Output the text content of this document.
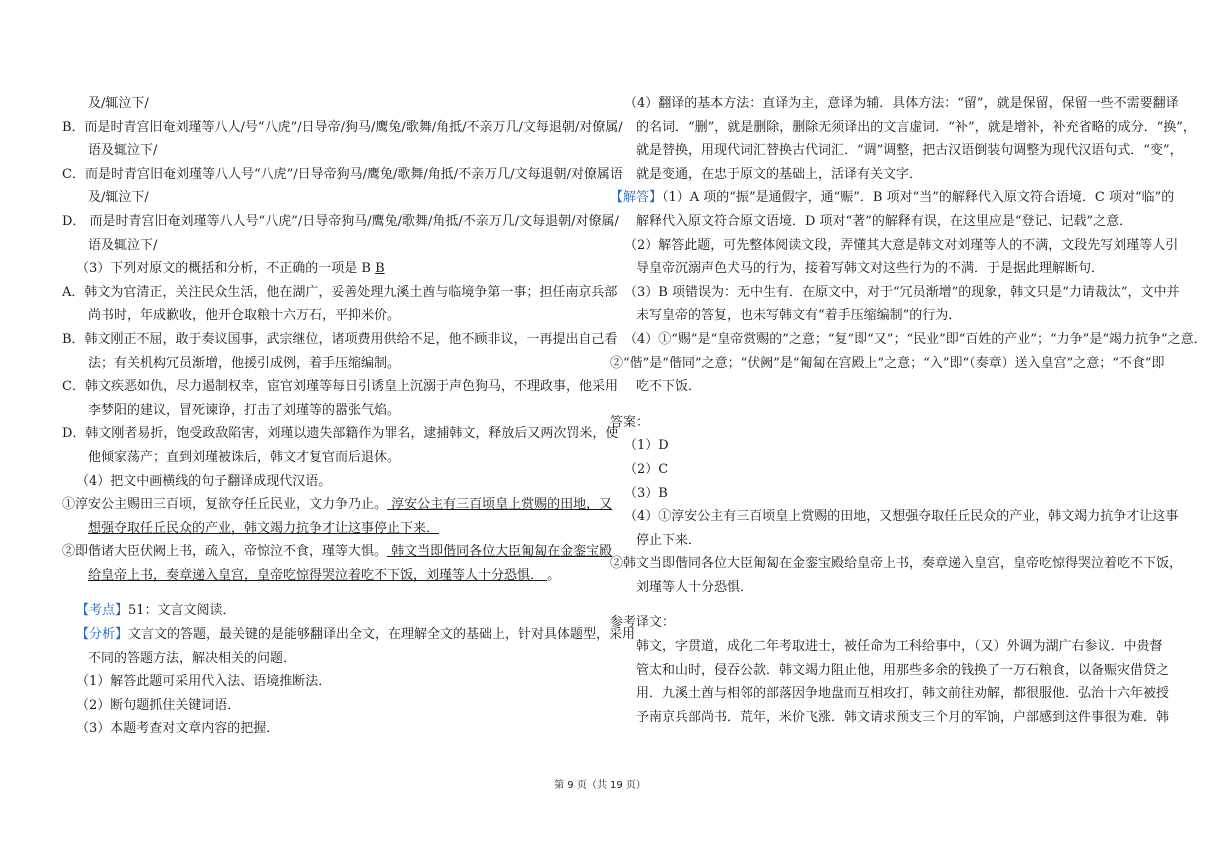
及/辄泣下/
B．而是时青宫旧奄刘瑾等八人/号“八虎”/日导帝/狗马/鹰兔/歌舞/角抵/不亲万几/文每退朝/对僚属/
语及辄泣下/
C．而是时青宫旧奄刘瑾等八人号“八虎”/日导帝狗马/鹰兔/歌舞/角抵/不亲万几/文每退朝/对僚属语
及/辄泣下/
D． 而是时青宫旧奄刘瑾等八人号“八虎”/日导帝狗马/鹰兔/歌舞/角抵/不亲万几/文每退朝/对僚属/
语及辄泣下/
（3）下列对原文的概括和分析，不正确的一项是 B B
A．韩文为官清正，关注民众生活，他在湖广，妥善处理九溪土酋与临境争第一事；担任南京兵部
尚书时，年成歉收，他开仓取粮十六万石，平抑米价。
B．韩文刚正不屈，敢于奏议国事，武宗继位，诸项费用供给不足，他不顾非议，一再提出自己看
法；有关机构冗员渐增，他援引成例，着手压缩编制。
C．韩文疾恶如仇，尽力遏制权幸，宦官刘瑾等每日引诱皇上沉溺于声色狗马，不理政事，他采用
李梦阳的建议，冒死谏诤，打击了刘瑾等的嚣张气焰。
D．韩文刚者易折，饱受政敌陷害，刘瑾以遗失部籍作为罪名，逮捕韩文，释放后又两次罚米，使
他倾家荡产；直到刘瑾被诛后，韩文才复官而后退休。
（4）把文中画横线的句子翻译成现代汉语。
①淳安公主赐田三百顷，复欲夺任丘民业，文力争乃止。 淳安公主有三百顷皇上赏赐的田地，又
想强夺取任丘民众的产业，韩文竭力抗争才让这事停止下来．
②即偕诸大臣伏阙上书，疏入，帝惊泣不食，瑾等大惧。 韩文当即偕同各位大臣匍匐在金銮宝殿
给皇帝上书，奏章递入皇宫，皇帝吃惊得哭泣着吃不下饭，刘瑾等人十分恐惧． 。
【考点】51：文言文阅读．
【分析】文言文的答题，最关键的是能够翻译出全文，在理解全文的基础上，针对具体题型，采用
不同的答题方法，解决相关的问题．
（1）解答此题可采用代入法、语境推断法．
（2）断句题抓住关键词语．
（3）本题考查对文章内容的把握．
（4）翻译的基本方法：直译为主，意译为辅．具体方法：“留”，就是保留，保留一些不需要翻译
的名词．“删”，就是删除，删除无须译出的文言虚词．“补”，就是增补，补充省略的成分．“换”，
就是替换，用现代词汇替换古代词汇．“调”调整，把古汉语倒装句调整为现代汉语句式．“变”，
就是变通，在忠于原文的基础上，活译有关文字．
【解答】（1）A 项的“振”是通假字，通“赈”．B 项对“当”的解释代入原文符合语境．C 项对“临”的
解释代入原文符合原文语境．D 项对“著”的解释有误，在这里应是“登记、记载”之意．
（2）解答此题，可先整体阅读文段，弄懂其大意是韩文对刘瑾等人的不满，文段先写刘瑾等人引
导皇帝沉溺声色犬马的行为，接着写韩文对这些行为的不满．于是据此理解断句．
（3）B 项错误为：无中生有．在原文中，对于“冗员渐增”的现象，韩文只是“力请裁汰”，文中并
未写皇帝的答复，也未写韩文有“着手压缩编制”的行为．
（4）①“赐”是“皇帝赏赐的”之意；“复”即“又”；“民业”即“百姓的产业”；“力争”是“竭力抗争”之意．
②“偕”是“偕同”之意；“伏阙”是“匍匐在宫殿上”之意；“入”即“（奏章）送入皇宫”之意；“不食”即
吃不下饭．
答案：
（1）D
（2）C
（3）B
（4）①淳安公主有三百顷皇上赏赐的田地，又想强夺取任丘民众的产业，韩文竭力抗争才让这事
停止下来．
②韩文当即偕同各位大臣匍匐在金銮宝殿给皇帝上书，奏章递入皇宫，皇帝吃惊得哭泣着吃不下饭，
刘瑾等人十分恐惧．
参考译文：
韩文，字贯道，成化二年考取进士，被任命为工科给事中，（又）外调为湖广右参议．中贵督
管太和山时，侵吞公款．韩文竭力阻止他，用那些多余的钱换了一万石粮食，以备赈灾借贷之
用．九溪土酋与相邻的部落因争地盘而互相攻打，韩文前往劝解，都很服他．弘治十六年被授
予南京兵部尚书．荒年，米价飞涨．韩文请求预支三个月的军饷，户部感到这件事很为难．韩
第 9 页（共 19 页）
